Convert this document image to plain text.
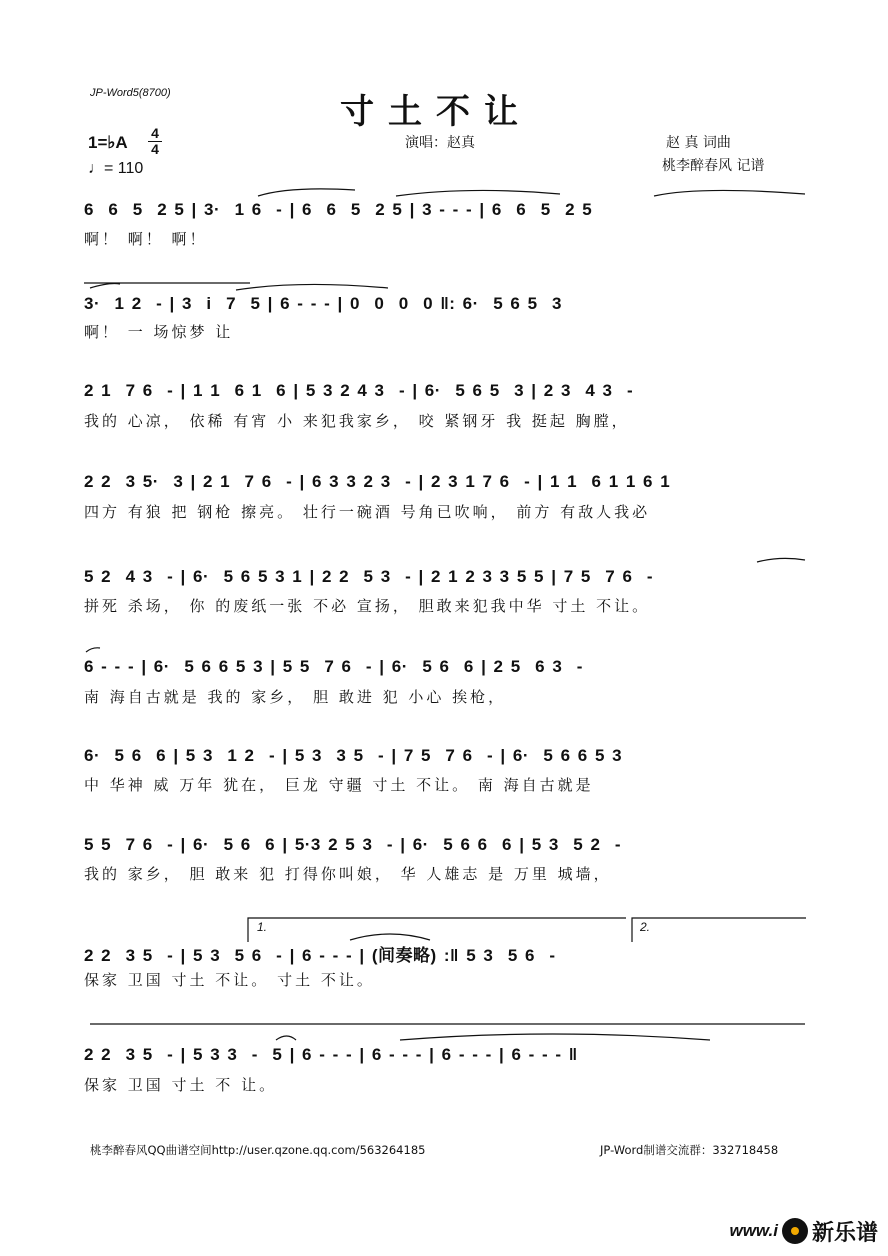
JP-Word5(8700)	寸土不让
演唱：赵真	赵 真 词曲
桃李醉春风 记谱
1=♭A 4
4
♩= 110
6  6  5  2 5 | 3·  1 6  - | 6  6  5  2 5 | 3 - - - | 6  6  5  2 5
啊！ 啊！ 啊！
3·  1 2  - | 3  i  7  5 | 6 - - - | 0  0  0  0 ‖: 6·  5 6 5  3
啊！ 一 场惊梦 让
2 1  7 6  - | 1 1  6 1  6 | 5 3 2 4 3  - | 6·  5 6 5  3 | 2 3  4 3  -
我的 心凉， 依稀 有宵 小 来犯我家乡， 咬 紧钢牙 我 挺起 胸膛，
2 2  3 5·  3 | 2 1  7 6  - | 6 3 3 2 3  - | 2 3 1 7 6  - | 1 1  6 1 1 6 1
四方 有狼 把 钢枪 擦亮。 壮行一碗酒 号角已吹响， 前方 有敌人我必
5 2  4 3  - | 6·  5 6 5 3 1 | 2 2  5 3  - | 2 1 2 3 3 5 5 | 7 5  7 6  -
拼死 杀场， 你 的废纸一张 不必 宣扬， 胆敢来犯我中华 寸土 不让。
6 - - - | 6·  5 6 6 5 3 | 5 5  7 6  - | 6·  5 6  6 | 2 5  6 3  -
南 海自古就是 我的 家乡， 胆 敢进 犯 小心 挨枪，
6·  5 6  6 | 5 3  1 2  - | 5 3  3 5  - | 7 5  7 6  - | 6·  5 6 6 5 3
中 华神 威 万年 犹在， 巨龙 守疆 寸土 不让。 南 海自古就是
5 5  7 6  - | 6·  5 6  6 | 5·3 2 5 3  - | 6·  5 6 6  6 | 5 3  5 2  -
我的 家乡， 胆 敢来 犯 打得你叫娘， 华 人雄志 是 万里 城墙，
1.	2.
2 2  3 5  - | 5 3  5 6  - | 6 - - - | (间奏略) :‖ 5 3  5 6  -
保家 卫国 寸土 不让。 寸土 不让。
2 2  3 5  - | 5 3 3  -  5 | 6 - - - | 6 - - - | 6 - - - | 6 - - - ‖
保家 卫国 寸土 不 让。
桃李醉春风QQ曲谱空间http://user.qzone.qq.com/563264185	JP-Word制谱交流群：332718458
www.i 新乐谱
